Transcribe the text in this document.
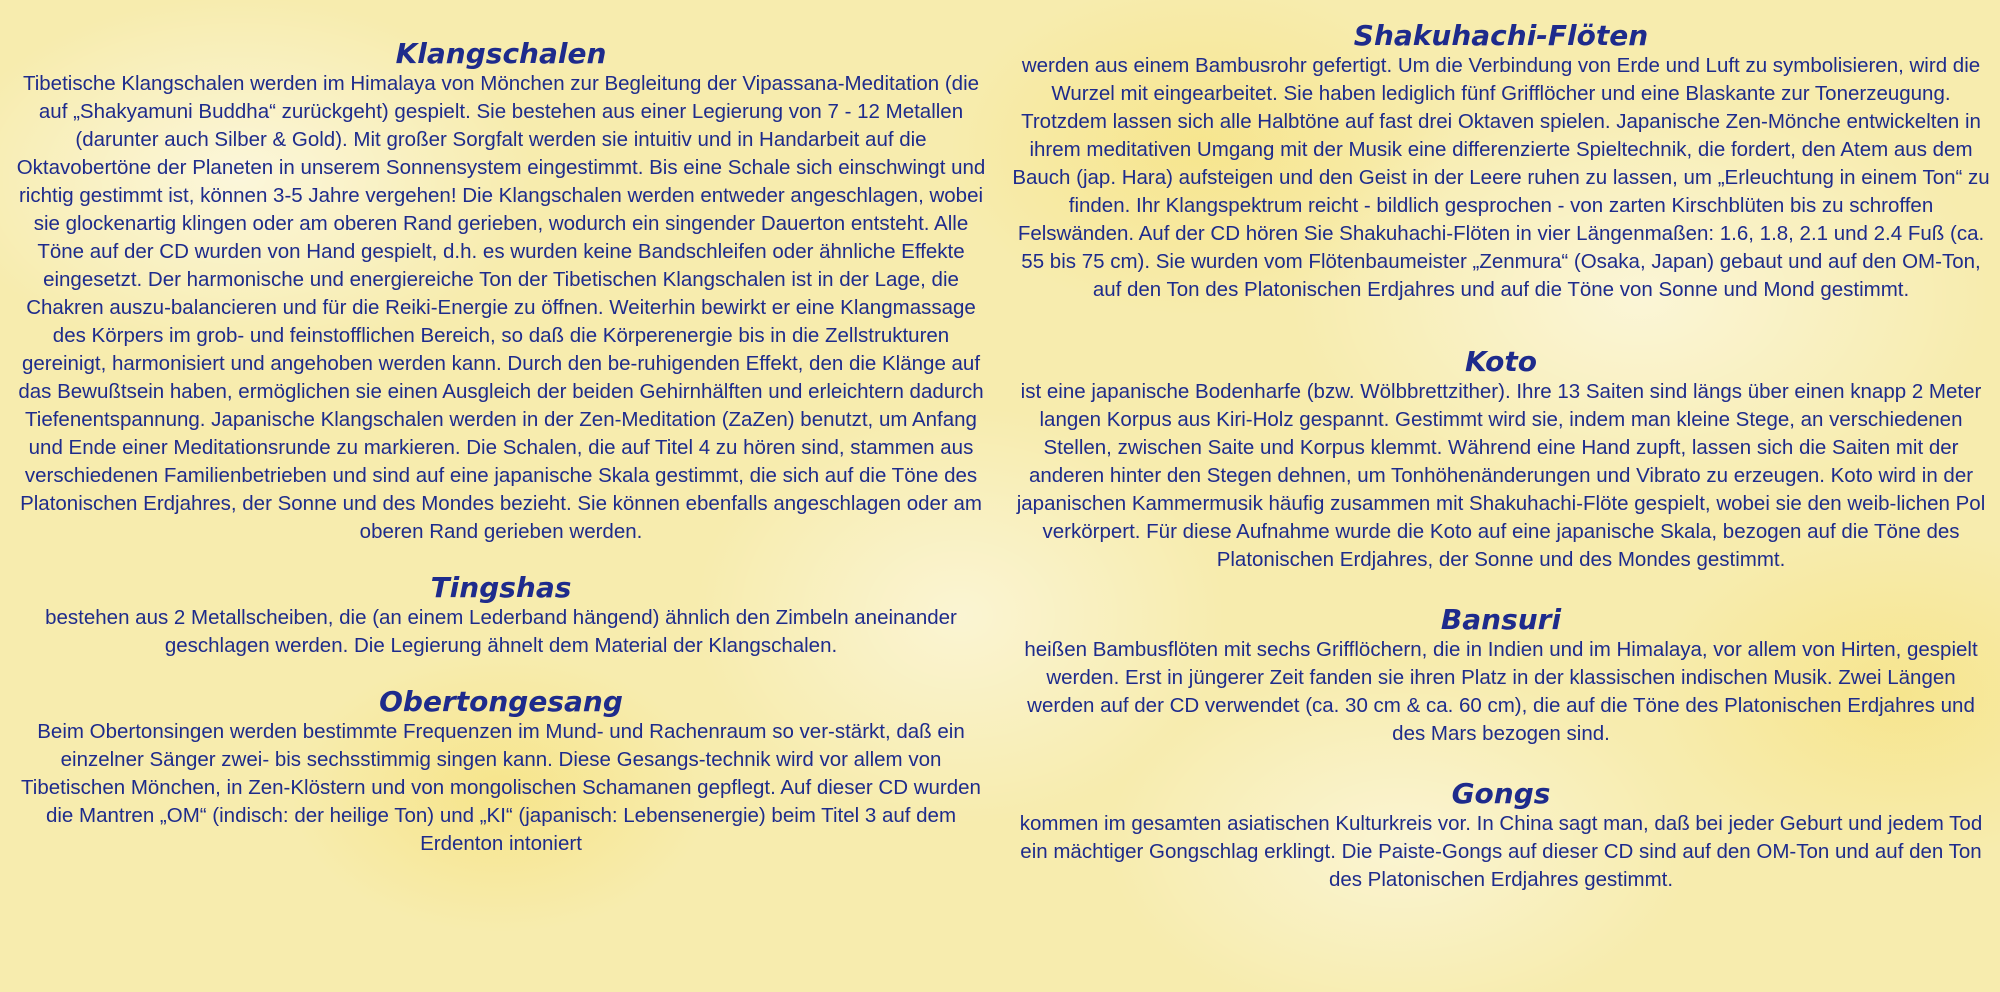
Klangschalen

Tibetische Klangschalen werden im Himalaya von Mönchen zur Begleitung der Vipassana-Meditation (die auf „Shakyamuni Buddha“ zurückgeht) gespielt. Sie bestehen aus einer Legierung von 7 - 12 Metallen (darunter auch Silber & Gold). Mit großer Sorgfalt werden sie intuitiv und in Handarbeit auf die Oktavobertöne der Planeten in unserem Sonnensystem eingestimmt. Bis eine Schale sich einschwingt und richtig gestimmt ist, können 3-5 Jahre vergehen! Die Klangschalen werden entweder angeschlagen, wobei sie glockenartig klingen oder am oberen Rand gerieben, wodurch ein singender Dauerton entsteht. Alle Töne auf der CD wurden von Hand gespielt, d.h. es wurden keine Bandschleifen oder ähnliche Effekte eingesetzt. Der harmonische und energiereiche Ton der Tibetischen Klangschalen ist in der Lage, die Chakren auszu-balancieren und für die Reiki-Energie zu öffnen. Weiterhin bewirkt er eine Klangmassage des Körpers im grob- und feinstofflichen Bereich, so daß die Körperenergie bis in die Zellstrukturen gereinigt, harmonisiert und angehoben werden kann. Durch den be-ruhigenden Effekt, den die Klänge auf das Bewußtsein haben, ermöglichen sie einen Ausgleich der beiden Gehirnhälften und erleichtern dadurch Tiefenentspannung. Japanische Klangschalen werden in der Zen-Meditation (ZaZen) benutzt, um Anfang und Ende einer Meditationsrunde zu markieren. Die Schalen, die auf Titel 4 zu hören sind, stammen aus verschiedenen Familienbetrieben und sind auf eine japanische Skala gestimmt, die sich auf die Töne des Platonischen Erdjahres, der Sonne und des Mondes bezieht. Sie können ebenfalls angeschlagen oder am oberen Rand gerieben werden.

Tingshas

bestehen aus 2 Metallscheiben, die (an einem Lederband hängend) ähnlich den Zimbeln aneinander geschlagen werden. Die Legierung ähnelt dem Material der Klangschalen.

Obertongesang

Beim Obertonsingen werden bestimmte Frequenzen im Mund- und Rachenraum so ver-stärkt, daß ein einzelner Sänger zwei- bis sechsstimmig singen kann. Diese Gesangs-technik wird vor allem von Tibetischen Mönchen, in Zen-Klöstern und von mongolischen Schamanen gepflegt. Auf dieser CD wurden die Mantren „OM“ (indisch: der heilige Ton) und „KI“ (japanisch: Lebensenergie) beim Titel 3 auf dem Erdenton intoniert

Shakuhachi-Flöten

werden aus einem Bambusrohr gefertigt. Um die Verbindung von Erde und Luft zu symbolisieren, wird die Wurzel mit eingearbeitet. Sie haben lediglich fünf Grifflöcher und eine Blaskante zur Tonerzeugung. Trotzdem lassen sich alle Halbtöne auf fast drei Oktaven spielen. Japanische Zen-Mönche entwickelten in ihrem meditativen Umgang mit der Musik eine differenzierte Spieltechnik, die fordert, den Atem aus dem Bauch (jap. Hara) aufsteigen und den Geist in der Leere ruhen zu lassen, um „Erleuchtung in einem Ton“ zu finden. Ihr Klangspektrum reicht - bildlich gesprochen - von zarten Kirschblüten bis zu schroffen Felswänden. Auf der CD hören Sie Shakuhachi-Flöten in vier Längenmaßen: 1.6, 1.8, 2.1 und 2.4 Fuß (ca. 55 bis 75 cm). Sie wurden vom Flötenbaumeister „Zenmura“ (Osaka, Japan) gebaut und auf den OM-Ton, auf den Ton des Platonischen Erdjahres und auf die Töne von Sonne und Mond gestimmt.

Koto

ist eine japanische Bodenharfe (bzw. Wölbbrettzither). Ihre 13 Saiten sind längs über einen knapp 2 Meter langen Korpus aus Kiri-Holz gespannt. Gestimmt wird sie, indem man kleine Stege, an verschiedenen Stellen, zwischen Saite und Korpus klemmt. Während eine Hand zupft, lassen sich die Saiten mit der anderen hinter den Stegen dehnen, um Tonhöhenänderungen und Vibrato zu erzeugen. Koto wird in der japanischen Kammermusik häufig zusammen mit Shakuhachi-Flöte gespielt, wobei sie den weib-lichen Pol verkörpert. Für diese Aufnahme wurde die Koto auf eine japanische Skala, bezogen auf die Töne des Platonischen Erdjahres, der Sonne und des Mondes gestimmt.

Bansuri

heißen Bambusflöten mit sechs Grifflöchern, die in Indien und im Himalaya, vor allem von Hirten, gespielt werden. Erst in jüngerer Zeit fanden sie ihren Platz in der klassischen indischen Musik. Zwei Längen werden auf der CD verwendet (ca. 30 cm & ca. 60 cm), die auf die Töne des Platonischen Erdjahres und des Mars bezogen sind.

Gongs

kommen im gesamten asiatischen Kulturkreis vor. In China sagt man, daß bei jeder Geburt und jedem Tod ein mächtiger Gongschlag erklingt. Die Paiste-Gongs auf dieser CD sind auf den OM-Ton und auf den Ton des Platonischen Erdjahres gestimmt.
